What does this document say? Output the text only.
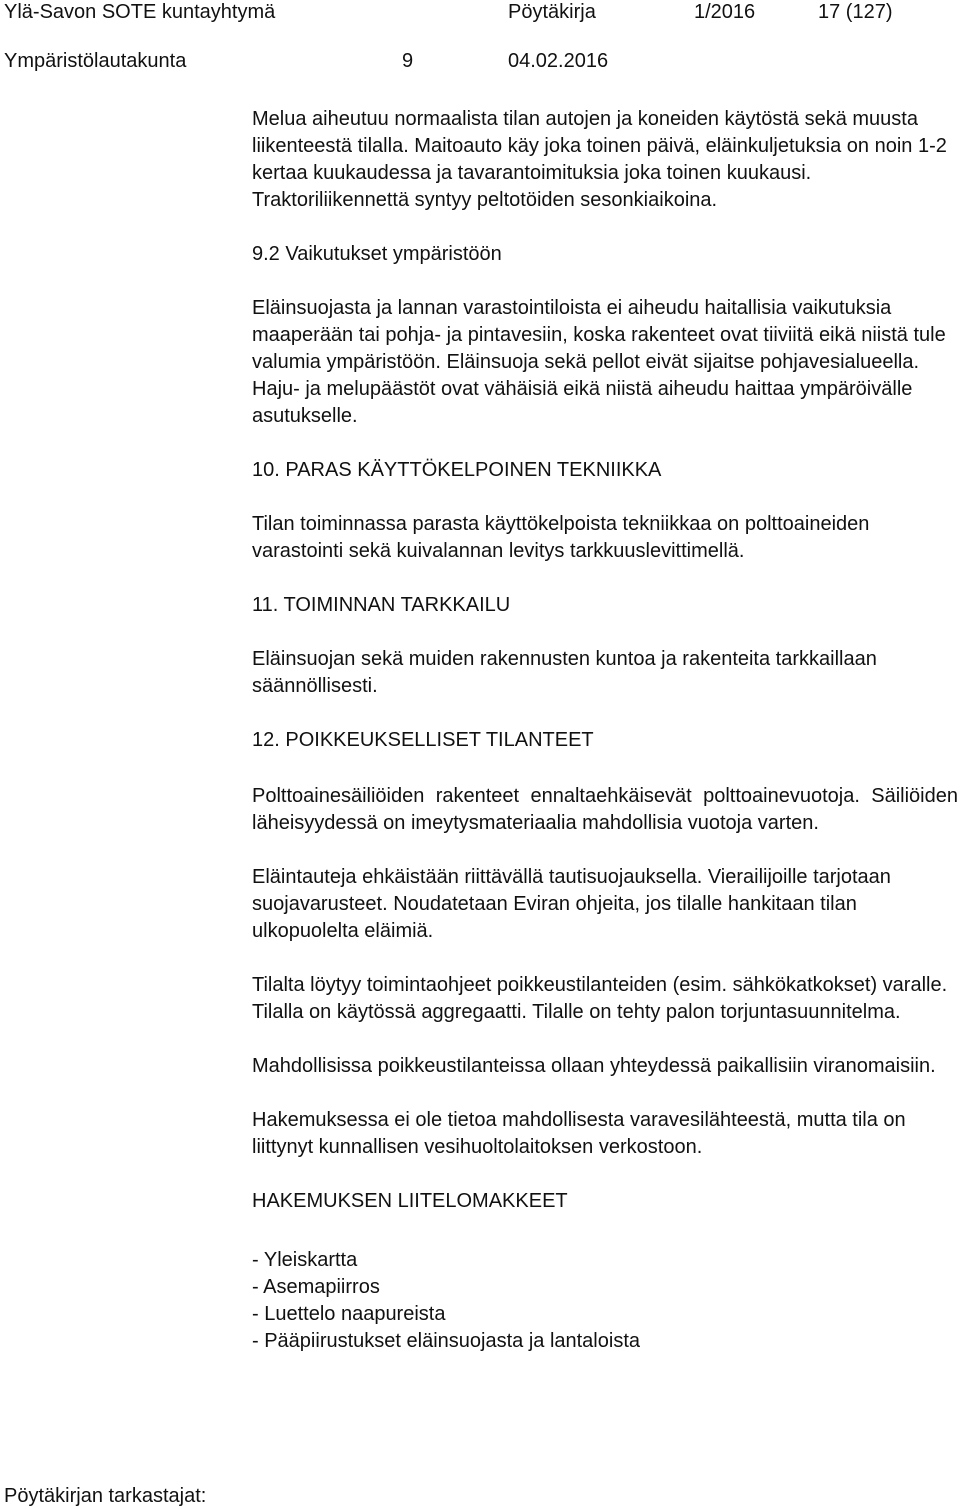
Ylä-Savon SOTE kuntayhtymä	Pöytäkirja	1/2016	17 (127)
Ympäristölautakunta	9	04.02.2016

Melua aiheutuu normaalista tilan autojen ja koneiden käytöstä sekä muusta liikenteestä tilalla. Maitoauto käy joka toinen päivä, eläinkuljetuksia on noin 1-2 kertaa kuukaudessa ja tavarantoimituksia joka toinen kuukausi. Traktoriliikennettä syntyy peltotöiden sesonkiaikoina.

9.2 Vaikutukset ympäristöön

Eläinsuojasta ja lannan varastointiloista ei aiheudu haitallisia vaikutuksia maaperään tai pohja- ja pintavesiin, koska rakenteet ovat tiiviitä eikä niistä tule valumia ympäristöön. Eläinsuoja sekä pellot eivät sijaitse pohjavesialueella. Haju- ja melupäästöt ovat vähäisiä eikä niistä aiheudu haittaa ympäröivälle asutukselle.

10. PARAS KÄYTTÖKELPOINEN TEKNIIKKA

Tilan toiminnassa parasta käyttökelpoista tekniikkaa on polttoaineiden varastointi sekä kuivalannan levitys tarkkuuslevittimellä.

11. TOIMINNAN TARKKAILU

Eläinsuojan sekä muiden rakennusten kuntoa ja rakenteita tarkkaillaan säännöllisesti.

12. POIKKEUKSELLISET TILANTEET

Polttoainesäiliöiden rakenteet ennaltaehkäisevät polttoainevuotoja. Säiliöiden läheisyydessä on imeytysmateriaalia mahdollisia vuotoja varten.

Eläintauteja ehkäistään riittävällä tautisuojauksella. Vierailijoille tarjotaan suojavarusteet. Noudatetaan Eviran ohjeita, jos tilalle hankitaan tilan ulkopuolelta eläimiä.

Tilalta löytyy toimintaohjeet poikkeustilanteiden (esim. sähkökatkokset) varalle. Tilalla on käytössä aggregaatti. Tilalle on tehty palon torjuntasuunnitelma.

Mahdollisissa poikkeustilanteissa ollaan yhteydessä paikallisiin viranomaisiin.

Hakemuksessa ei ole tietoa mahdollisesta varavesilähteestä, mutta tila on liittynyt kunnallisen vesihuoltolaitoksen verkostoon.

HAKEMUKSEN LIITELOMAKKEET

- Yleiskartta
- Asemapiirros
- Luettelo naapureista
- Pääpiirustukset eläinsuojasta ja lantaloista
Pöytäkirjan tarkastajat:
